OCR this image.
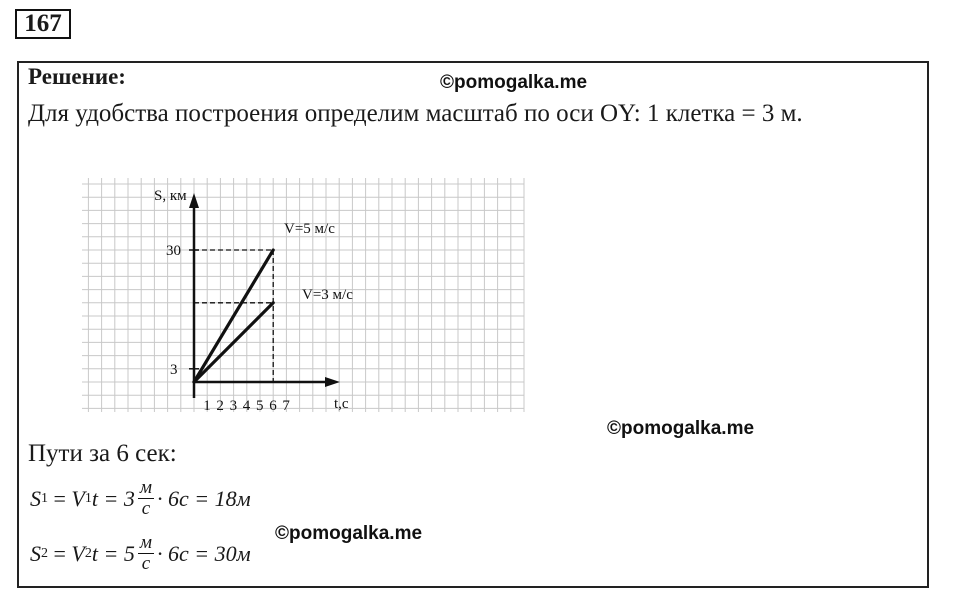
167
Решение:	©pomogalka.me
Для удобства построения определим масштаб по оси OY: 1 клетка = 3 м.
S, км
t,с
30
3
1 2 3 4 5 6 7
V=5 м/с
V=3 м/с
©pomogalka.me
Пути за 6 сек:
S 1 = V 1 $t = 3 \frac{м}{с} \cdot 6с = 18м$
©pomogalka.me
S 2 = V 2 $t = 5 \frac{м}{с} \cdot 6с = 30м$
